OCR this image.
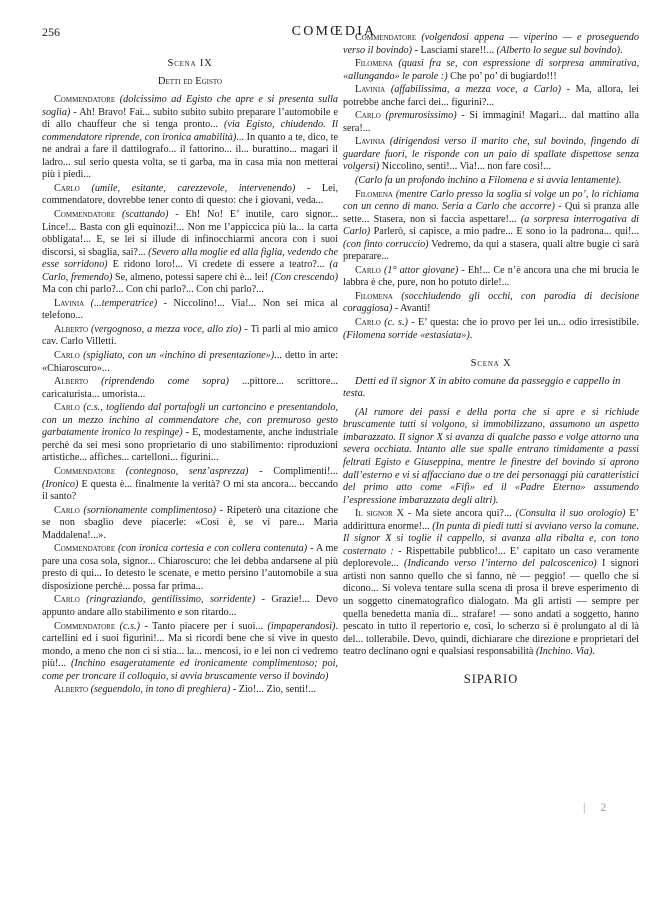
256	COMŒDIA
Scena IX
Detti ed Egisto

Commendatore (dolcissimo ad Egisto che apre e si presenta sulla soglia) - Ah! Bravo! Fai... subito subito subito preparare l’automobile e di allo chauffeur che si tenga pronto... (via Egisto, chiudendo. Il commendatore riprende, con ironica amabilità)... In quanto a te, dico, te ne andrai a fare il dattilografo... il fattorino... il... burattino... magari il ladro... sul serio questa volta, se ti garba, ma in casa mia non metterai più i piedi...

Carlo (umile, esitante, carezzevole, intervenendo) - Lei, commendatore, dovrebbe tener conto di questo: che i giovani, veda...

Commendatore (scattando) - Eh! No! E’ inutile, caro signor... Lince!... Basta con gli equinozi!... Non me l’appiccica più la... la carta obbligata!... E, se lei si illude di infinocchiarmi ancora con i suoi discorsi, si sbaglia, sai?... (Severo alla moglie ed alla figlia, vedendo che esse sorridono) E ridono loro!... Vi credete di essere a teatro?... (a Carlo, fremendo) Se, almeno, potessi sapere chi è... lei! (Con crescendo) Ma con chi parlo?... Con chi parlo?... Con chi parlo?...

Lavinia (...temperatrice) - Niccolino!... Via!... Non sei mica al telefono...

Alberto (vergognoso, a mezza voce, allo zio) - Ti parli al mio amico cav. Carlo Villetti.

Carlo (spigliato, con un «inchino di presentazione»)... detto in arte: «Chiaroscuro»...

Alberto (riprendendo come sopra) ...pittore... scrittore... caricaturista... umorista...

Carlo (c.s., togliendo dal portafogli un cartoncino e presentandolo, con un mezzo inchino al commendatore che, con premuroso gesto garbatamente ironico lo respinge) - E, modestamente, anche industriale perchè da sei mesi sono proprietario di uno stabilimento: riproduzioni artistiche... affiches... cartelloni... figurini...

Commendatore (contegnoso, senz’asprezza) - Complimenti!... (Ironico) E questa è... finalmente la verità? O mi sta ancora... beccando il santo?

Carlo (sornionamente complimentoso) - Ripeterò una citazione che se non sbaglio deve piacerle: «Così è, se vi pare... Maria Maddalena!...».

Commendatore (con ironica cortesia e con collera contenuta) - A me pare una cosa sola, signor... Chiaroscuro: che lei debba andarsene al più presto di qui... Io detesto le scenate, e metto persino l’automobile a sua disposizione perchè... possa far prima...

Carlo (ringraziando, gentilissimo, sorridente) - Grazie!... Devo appunto andare allo stabilimento e son ritardo...

Commendatore (c.s.) - Tanto piacere per i suoi... (impaperandosi). cartellini ed i suoi figurini!... Ma si ricordi bene che si vive in questo mondo, a meno che non ci si stia... la... mencosi, io e lei non ci vedremo più!... (Inchino esageratamente ed ironicamente complimentoso; poi, come per troncare il colloquio, si avvia bruscamente verso il bovindo)

Alberto (seguendolo, in tono di preghiera) - Zio!... Zio, senti!...

Commendatore (volgendosi appena — viperino — e proseguendo verso il bovindo) - Lasciami stare!!... (Alberto lo segue sul bovindo).

Filomena (quasi fra se, con espressione di sorpresa ammirativa, «allungando» le parole :) Che po’ po’ di bugiardo!!!

Lavinia (affabilissima, a mezza voce, a Carlo) - Ma, allora, lei potrebbe anche farci dei... figurini?...

Carlo (premurosissimo) - Si immagini! Magari... dal mattino alla sera!...

Lavinia (dirigendosi verso il marito che, sul bovindo, fingendo di guardare fuori, le risponde con un paio di spallate dispettose senza volgersi) Niccolino, senti!... Via!... non fare così!...

(Carlo fa un profondo inchino a Filomena e si avvia lentamente).

Filomena (mentre Carlo presso la soglia si volge un po’, lo richiama con un cenno di mano. Seria a Carlo che accorre) - Qui si pranza alle sette... Stasera, non si faccia aspettare!... (a sorpresa interrogativa di Carlo) Parlerò, si capisce, a mio padre... E sono io la padrona... qui!... (con finto corruccio) Vedremo, da qui a stasera, quali altre bugie ci sarà preparare...

Carlo (1° attor giovane) - Eh!... Ce n’è ancora una che mi brucia le labbra è che, pure, non ho potuto dirle!...

Filomena (socchiudendo gli occhi, con parodia di decisione coraggiosa) - Avanti!

Carlo (c. s.) - E’ questa: che io provo per lei un... odio irresistibile. (Filomena sorride «estasiata»).

Scena X
Detti ed il signor X in abito comune da passeggio e cappello in testa.

(Al rumore dei passi e della porta che si apre e si richiude bruscamente tutti si volgono, si immobilizzano, assumono un aspetto imbarazzato. Il signor X si avanza di qualche passo e volge attorno una severa occhiata. Intanto alle sue spalle entrano timidamente a passi feltrati Egisto e Giuseppina, mentre le finestre del bovindo si aprono dall’esterno e vi si affacciano due o tre dei personaggi più caratteristici del primo atto come «Fifì» ed il «Padre Eterno» assumendo l’espressione imbarazzata degli altri).

Il signor X - Ma siete ancora qui?... (Consulta il suo orologio) E’ addirittura enorme!... (In punta di piedi tutti si avviano verso la comune. Il signor X si toglie il cappello, si avanza alla ribalta e, con tono costernato : - Rispettabile pubblico!... E’ capitato un caso veramente deplorevole... (Indicando verso l’interno del palcoscenico) I signori artisti non sanno quello che si fanno, nè — peggio! — quello che si dicono... Si voleva tentare sulla scena di prosa il breve esperimento di un soggetto cinematografico dialogato. Ma gli artisti — sempre per quella benedetta mania di... strafare! — sono andati a soggetto, hanno pescato in tutto il repertorio e, così, lo scherzo si è prolungato al di là del... tollerabile. Devo, quindi, dichiarare che direzione e proprietari del teatro declinano ogni e qualsiasi responsabilità (Inchino. Via).

SIPARIO
| 2
